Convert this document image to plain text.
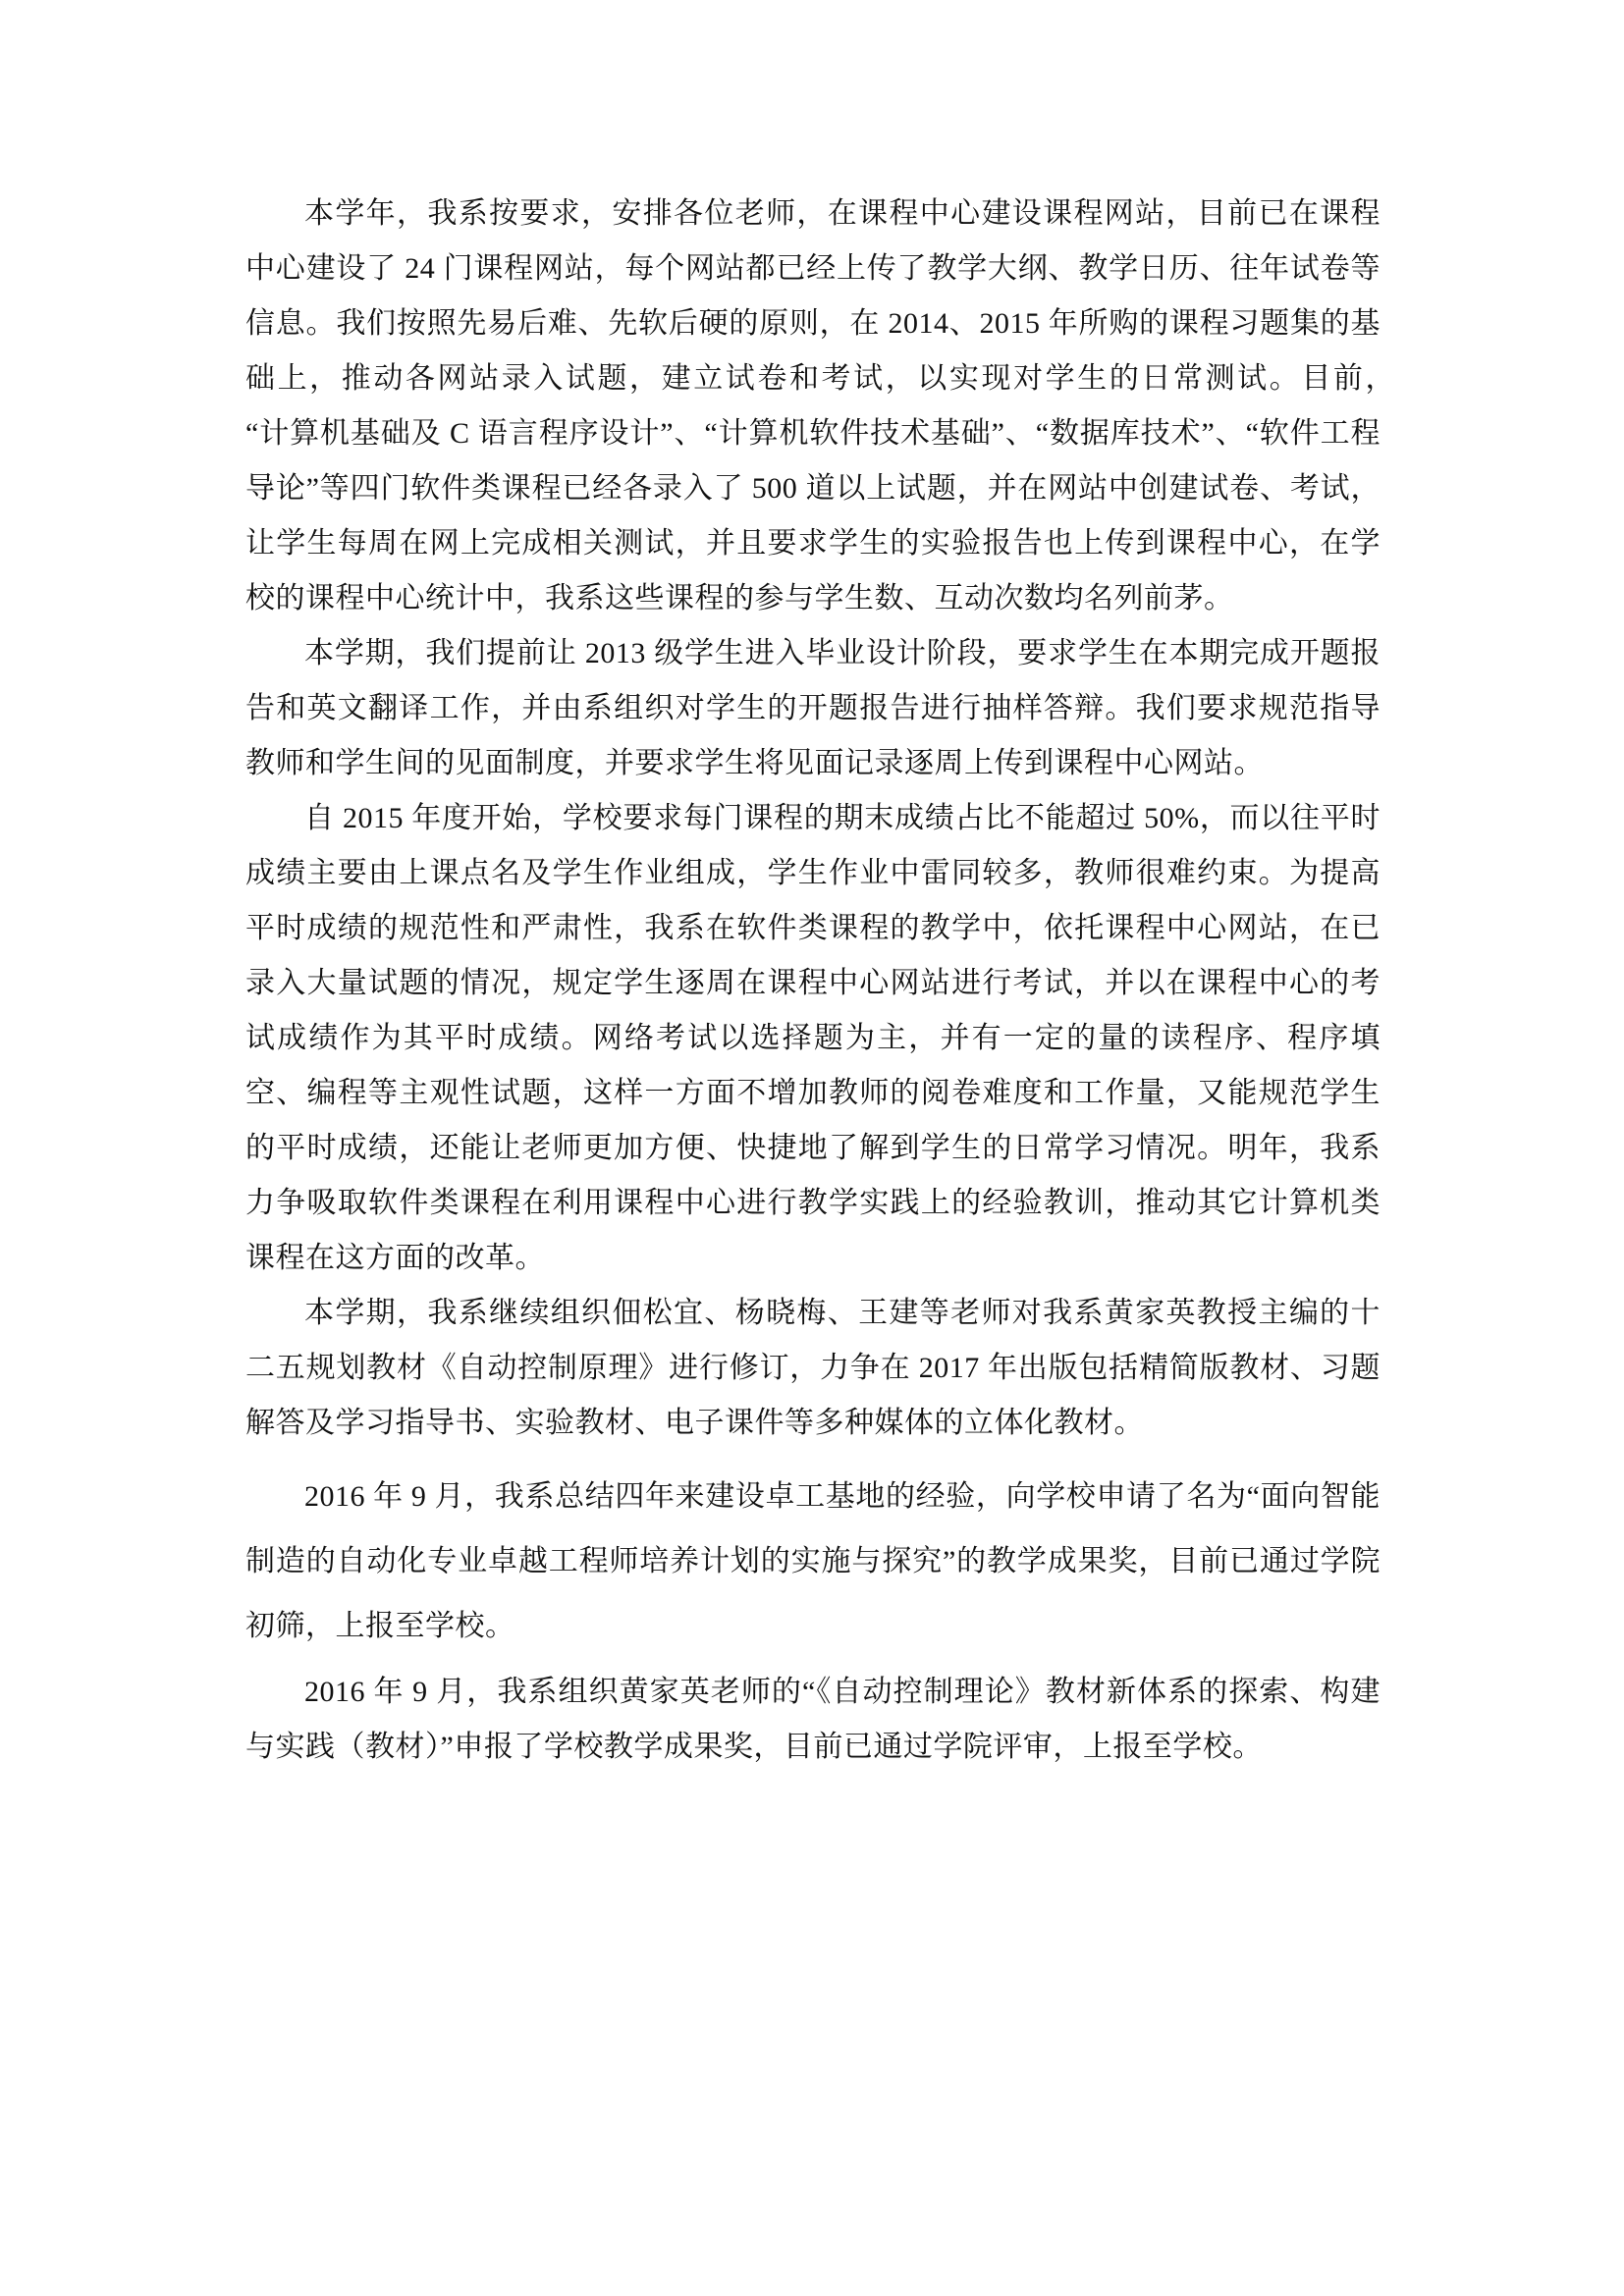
本学年，我系按要求，安排各位老师，在课程中心建设课程网站，目前已在课程中心建设了 24 门课程网站，每个网站都已经上传了教学大纲、教学日历、往年试卷等信息。我们按照先易后难、先软后硬的原则，在 2014、2015 年所购的课程习题集的基础上，推动各网站录入试题，建立试卷和考试，以实现对学生的日常测试。目前，　“计算机基础及 C 语言程序设计”、“计算机软件技术基础”、“数据库技术”、“软件工程导论”等四门软件类课程已经各录入了 500 道以上试题，并在网站中创建试卷、考试，让学生每周在网上完成相关测试，并且要求学生的实验报告也上传到课程中心，在学校的课程中心统计中，我系这些课程的参与学生数、互动次数均名列前茅。

本学期，我们提前让 2013 级学生进入毕业设计阶段，要求学生在本期完成开题报告和英文翻译工作，并由系组织对学生的开题报告进行抽样答辩。我们要求规范指导教师和学生间的见面制度，并要求学生将见面记录逐周上传到课程中心网站。

自 2015 年度开始，学校要求每门课程的期末成绩占比不能超过 50%，而以往平时成绩主要由上课点名及学生作业组成，学生作业中雷同较多，教师很难约束。为提高平时成绩的规范性和严肃性，我系在软件类课程的教学中，依托课程中心网站，在已录入大量试题的情况，规定学生逐周在课程中心网站进行考试，并以在课程中心的考试成绩作为其平时成绩。网络考试以选择题为主，并有一定的量的读程序、程序填空、编程等主观性试题，这样一方面不增加教师的阅卷难度和工作量，又能规范学生的平时成绩，还能让老师更加方便、快捷地了解到学生的日常学习情况。明年，我系力争吸取软件类课程在利用课程中心进行教学实践上的经验教训，推动其它计算机类课程在这方面的改革。

本学期，我系继续组织佃松宜、杨晓梅、王建等老师对我系黄家英教授主编的十二五规划教材《自动控制原理》进行修订，力争在 2017 年出版包括精简版教材、习题解答及学习指导书、实验教材、电子课件等多种媒体的立体化教材。

2016 年 9 月，我系总结四年来建设卓工基地的经验，向学校申请了名为“面向智能制造的自动化专业卓越工程师培养计划的实施与探究”的教学成果奖，目前已通过学院初筛，上报至学校。

2016 年 9 月，我系组织黄家英老师的“《自动控制理论》教材新体系的探索、构建与实践（教材）”申报了学校教学成果奖，目前已通过学院评审，上报至学校。
